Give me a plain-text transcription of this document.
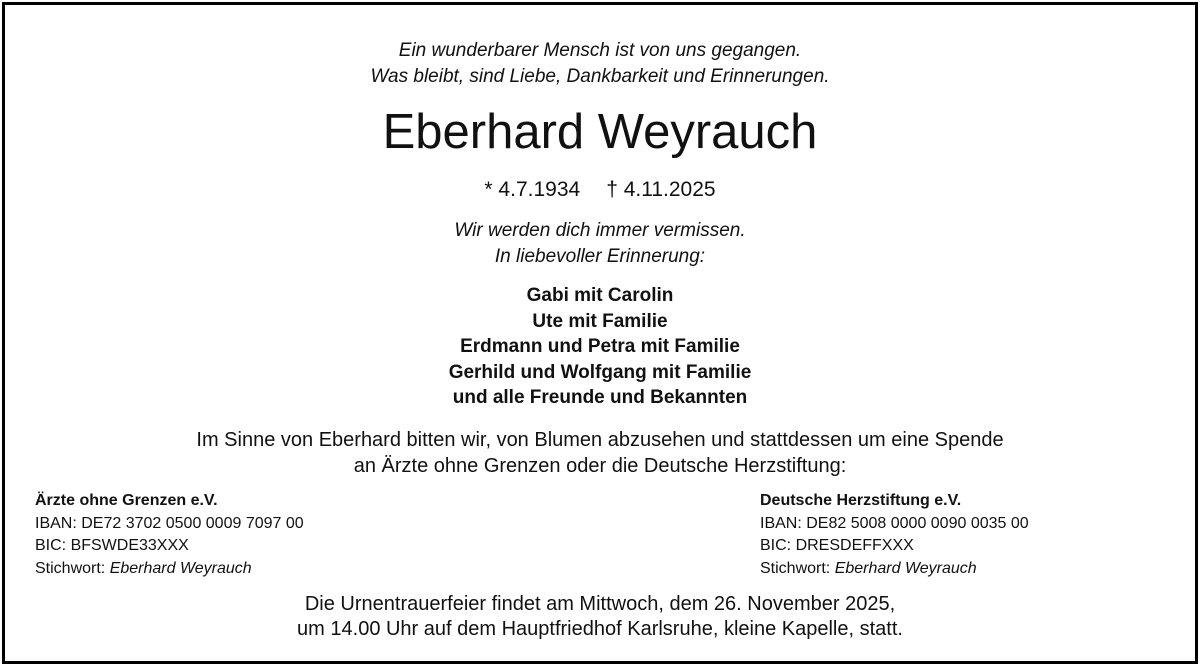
Ein wunderbarer Mensch ist von uns gegangen.
Was bleibt, sind Liebe, Dankbarkeit und Erinnerungen.
Eberhard Weyrauch
* 4.7.1934 † 4.11.2025
Wir werden dich immer vermissen.
In liebevoller Erinnerung:
Gabi mit Carolin
Ute mit Familie
Erdmann und Petra mit Familie
Gerhild und Wolfgang mit Familie
und alle Freunde und Bekannten
Im Sinne von Eberhard bitten wir, von Blumen abzusehen und stattdessen um eine Spende
an Ärzte ohne Grenzen oder die Deutsche Herzstiftung:
Ärzte ohne Grenzen e.V.
IBAN: DE72 3702 0500 0009 7097 00
BIC: BFSWDE33XXX
Stichwort: Eberhard Weyrauch
Deutsche Herzstiftung e.V.
IBAN: DE82 5008 0000 0090 0035 00
BIC: DRESDEFFXXX
Stichwort: Eberhard Weyrauch
Die Urnentrauerfeier findet am Mittwoch, dem 26. November 2025,
um 14.00 Uhr auf dem Hauptfriedhof Karlsruhe, kleine Kapelle, statt.
